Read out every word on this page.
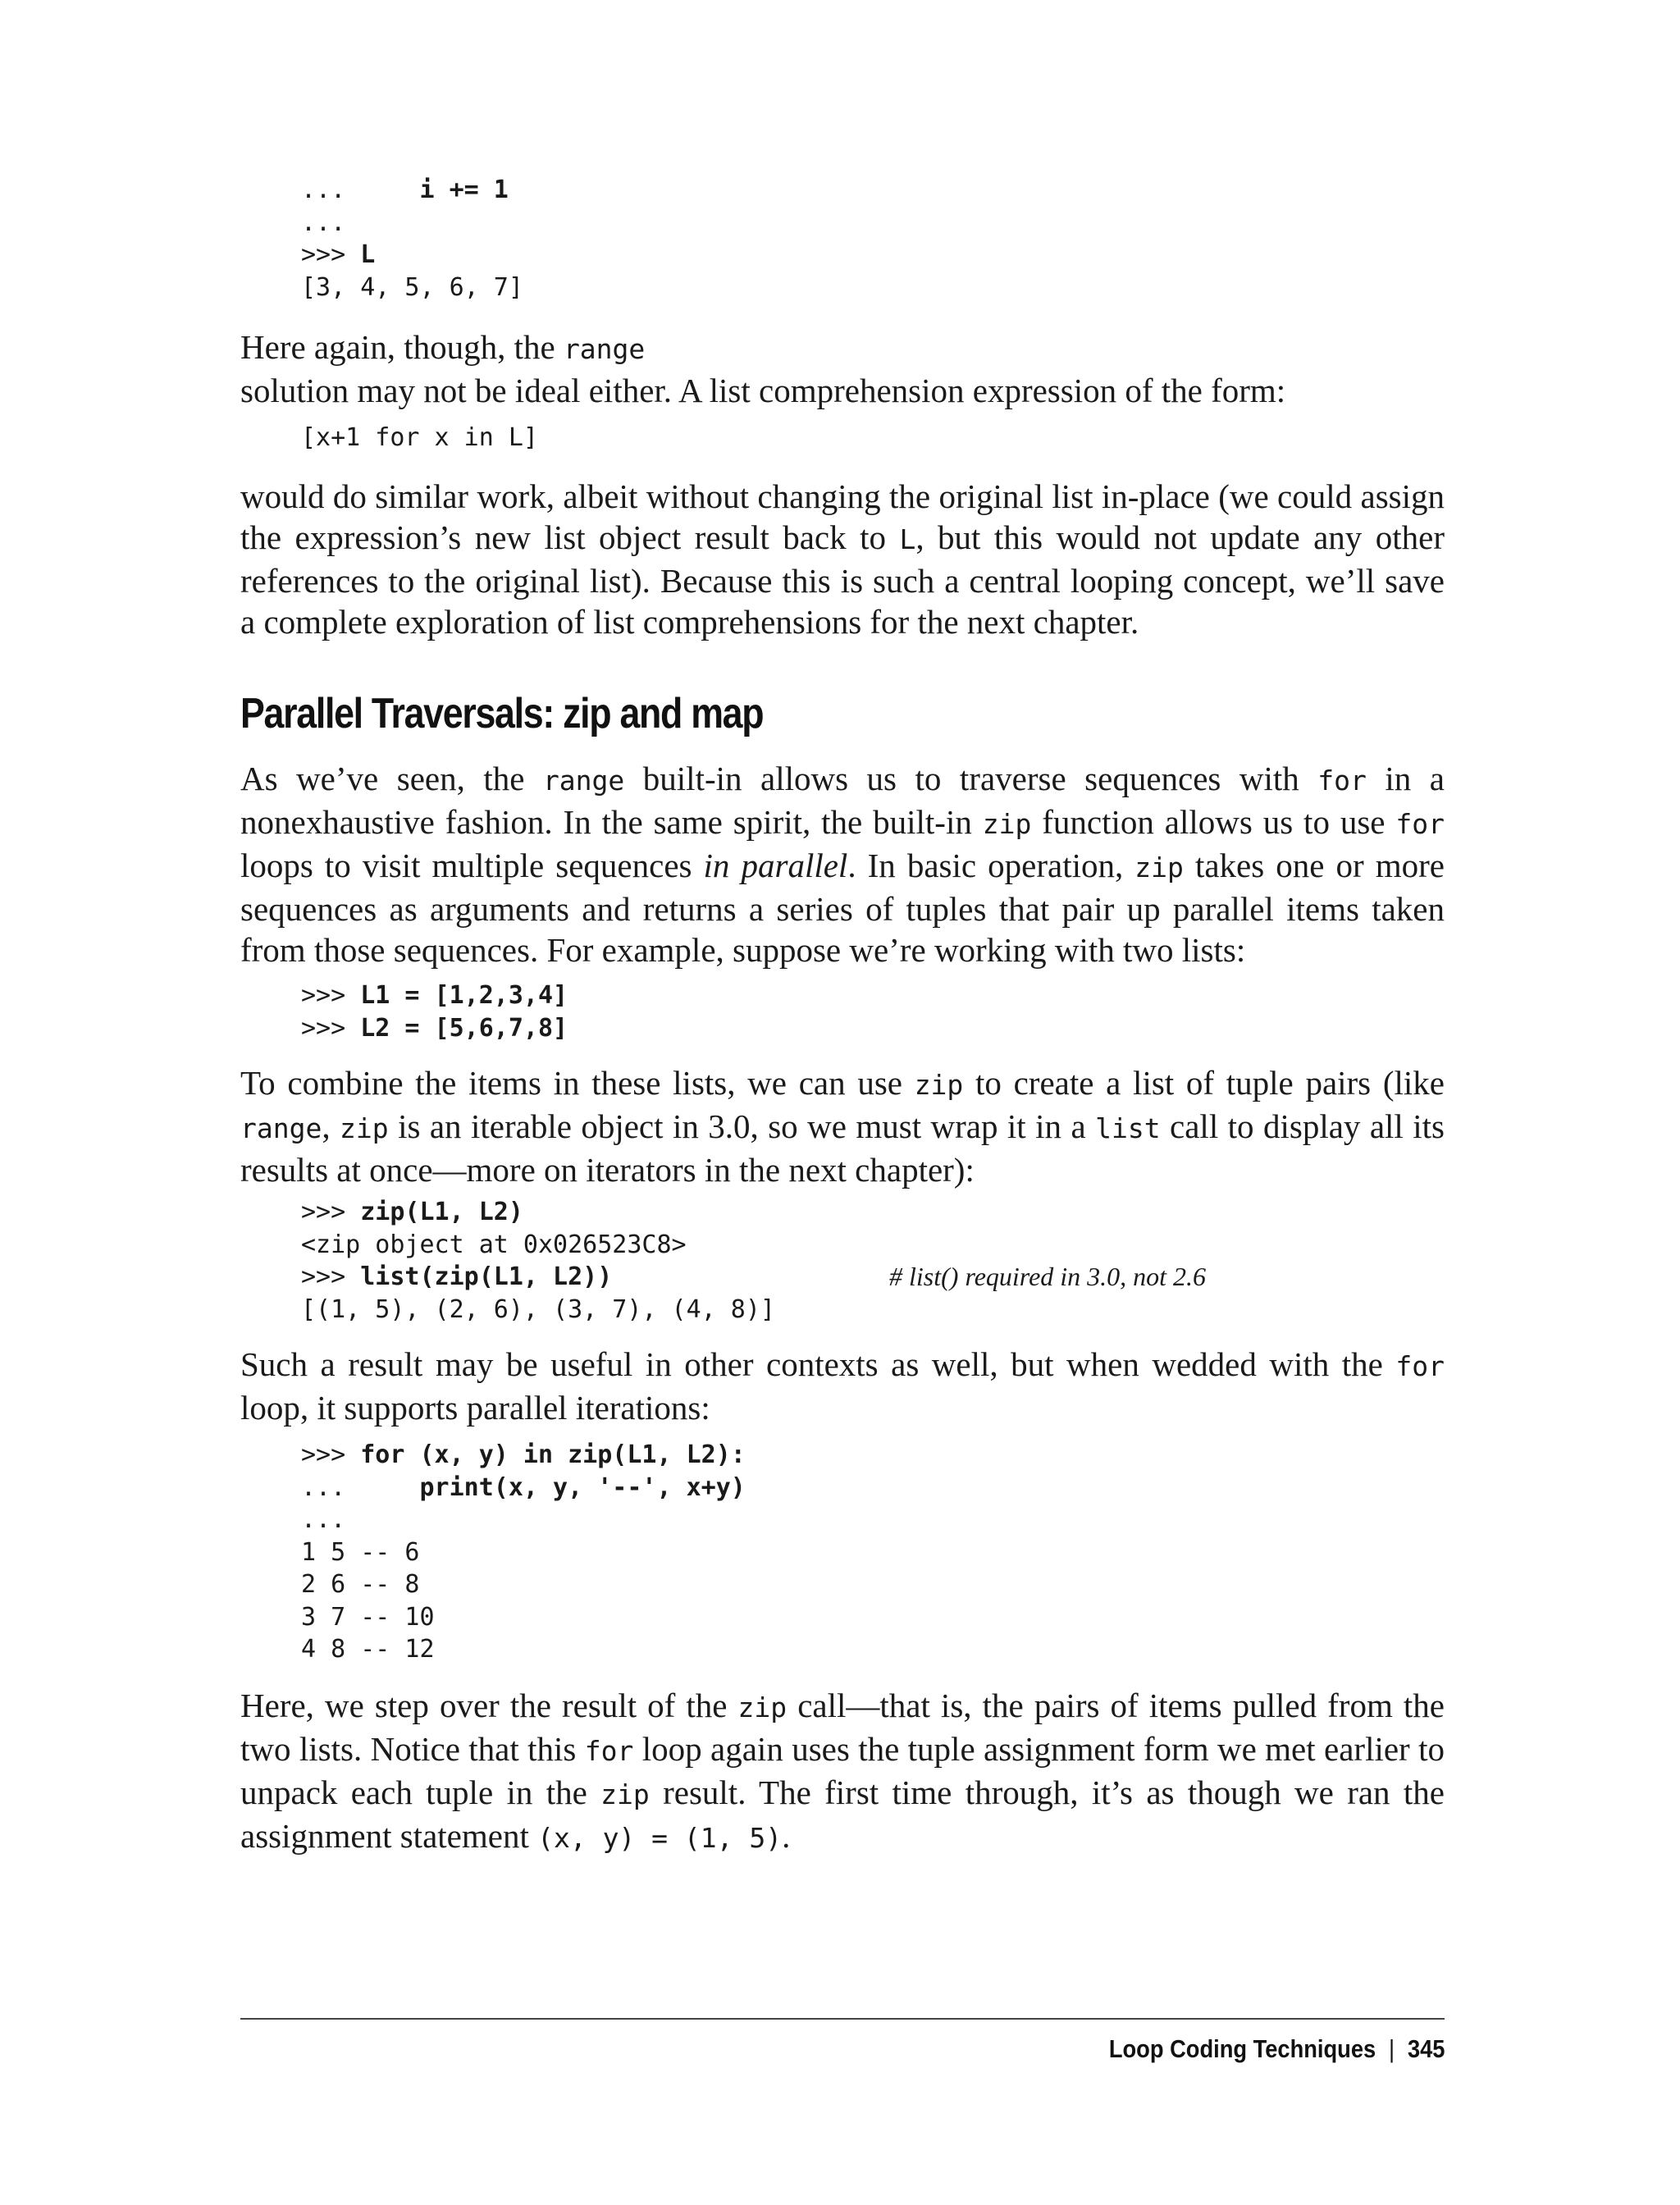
...     i += 1
...
>>> L
[3, 4, 5, 6, 7]

Here again, though, the range
solution may not be ideal either. A list comprehension expression of the form:

[x+1 for x in L]

would do similar work, albeit without changing the original list in-place (we could assign the expression’s new list object result back to L, but this would not update any other references to the original list). Because this is such a central looping concept, we’ll save a complete exploration of list comprehensions for the next chapter.

Parallel Traversals: zip and map

As we’ve seen, the range built-in allows us to traverse sequences with for in a nonexhaustive fashion. In the same spirit, the built-in zip function allows us to use for loops to visit multiple sequences in parallel. In basic operation, zip takes one or more sequences as arguments and returns a series of tuples that pair up parallel items taken from those sequences. For example, suppose we’re working with two lists:

>>> L1 = [1,2,3,4]
>>> L2 = [5,6,7,8]

To combine the items in these lists, we can use zip to create a list of tuple pairs (like range, zip is an iterable object in 3.0, so we must wrap it in a list call to display all its results at once—more on iterators in the next chapter):

>>> zip(L1, L2)
<zip object at 0x026523C8>
>>> list(zip(L1, L2))	# list() required in 3.0, not 2.6
[(1, 5), (2, 6), (3, 7), (4, 8)]

Such a result may be useful in other contexts as well, but when wedded with the for loop, it supports parallel iterations:

>>> for (x, y) in zip(L1, L2):
...     print(x, y, '--', x+y)
...
1 5 -- 6
2 6 -- 8
3 7 -- 10
4 8 -- 12

Here, we step over the result of the zip call—that is, the pairs of items pulled from the two lists. Notice that this for loop again uses the tuple assignment form we met earlier to unpack each tuple in the zip result. The first time through, it’s as though we ran the assignment statement (x, y) = (1, 5).

Loop Coding Techniques | 345
